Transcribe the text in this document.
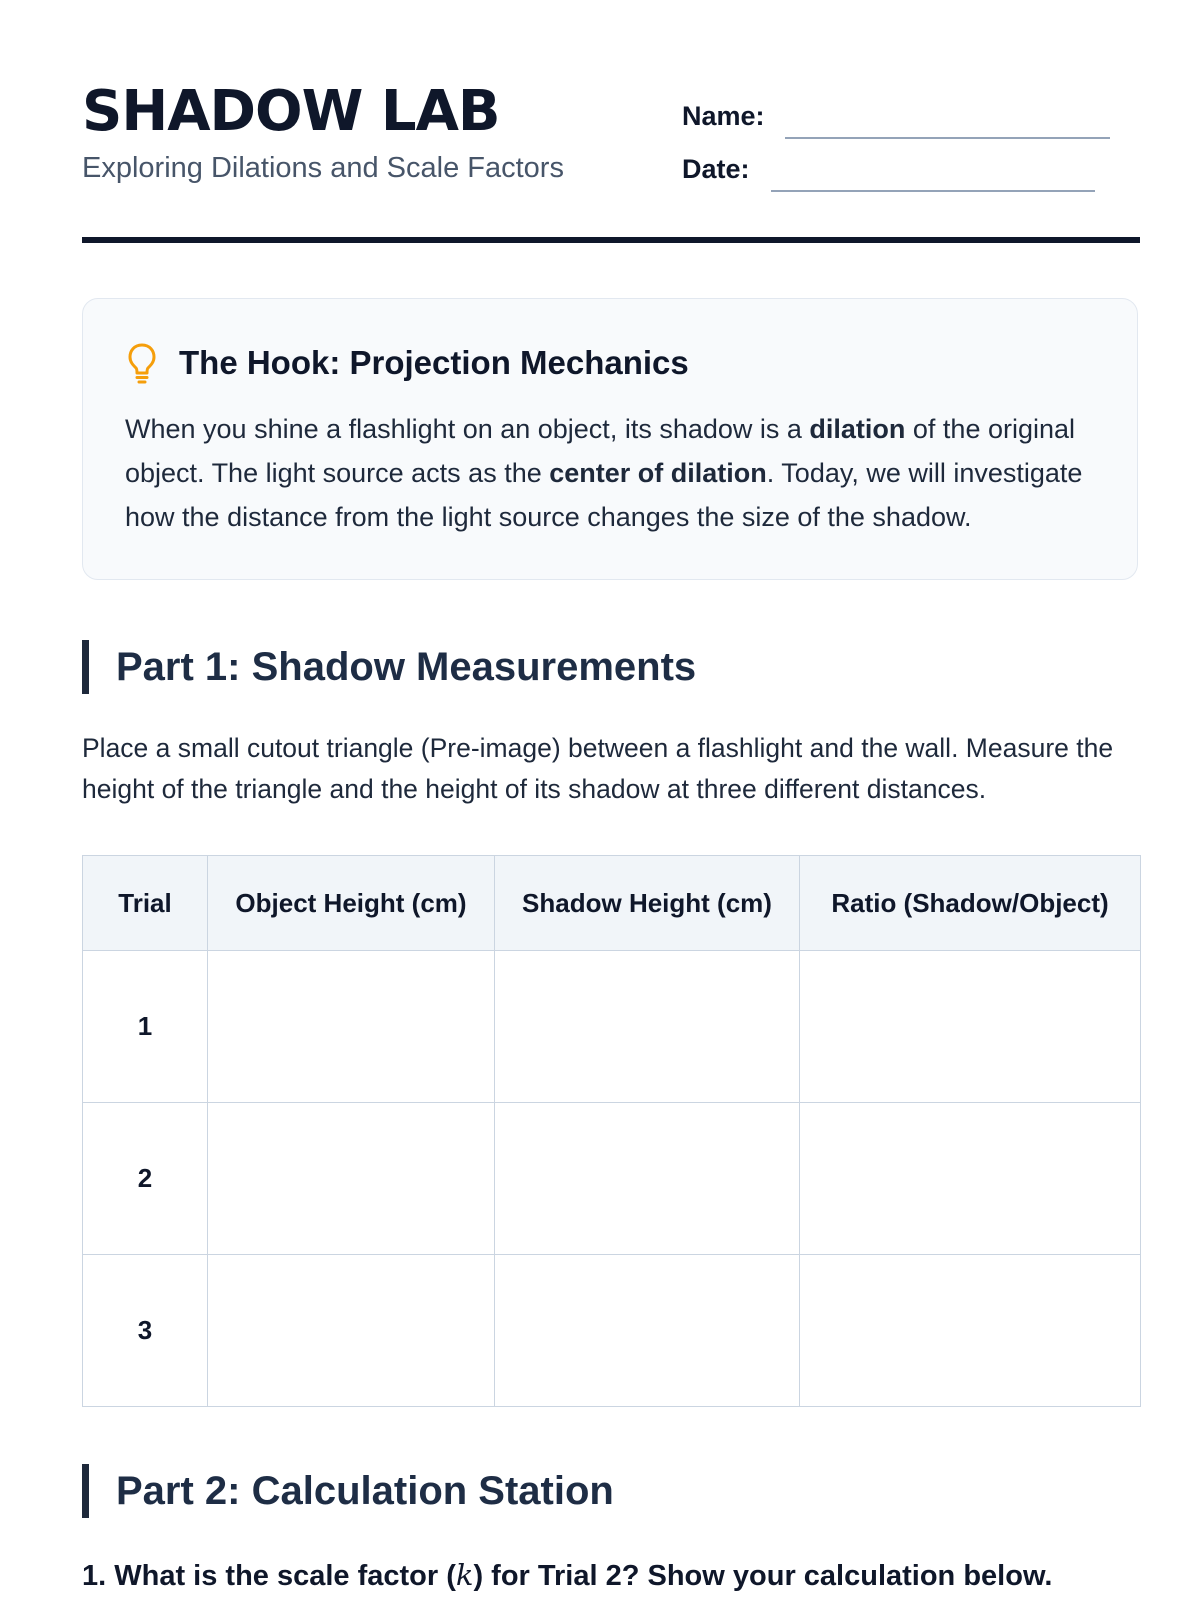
SHADOW LAB
Exploring Dilations and Scale Factors
Name:
Date:
The Hook: Projection Mechanics

When you shine a flashlight on an object, its shadow is a dilation of the original object. The light source acts as the center of dilation. Today, we will investigate how the distance from the light source changes the size of the shadow.

Part 1: Shadow Measurements

Place a small cutout triangle (Pre-image) between a flashlight and the wall. Measure the height of the triangle and the height of its shadow at three different distances.

Trial	Object Height (cm)	Shadow Height (cm)	Ratio (Shadow/Object)
1			
2			
3			
Part 2: Calculation Station

1. What is the scale factor (k) for Trial 2? Show your calculation below.
